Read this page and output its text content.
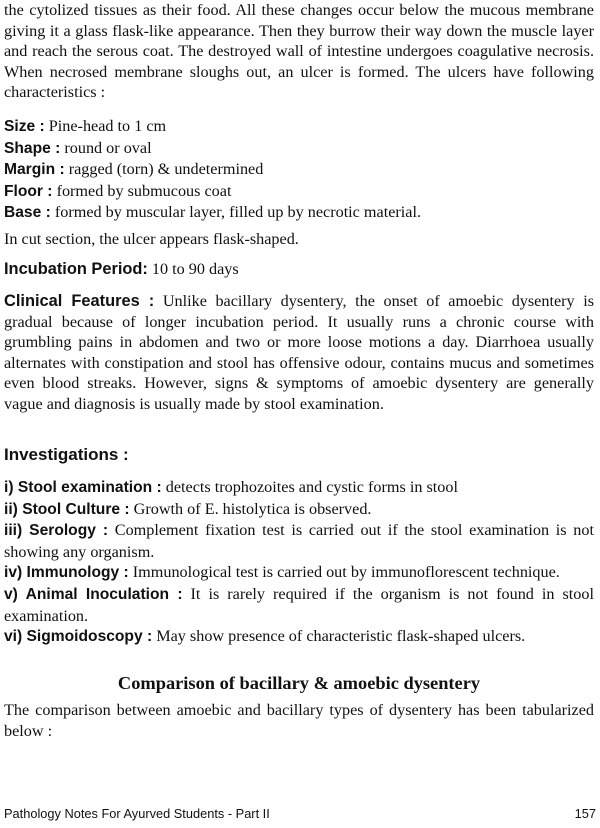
the cytolized tissues as their food. All these changes occur below the mucous membrane giving it a glass flask-like appearance. Then they burrow their way down the muscle layer and reach the serous coat. The destroyed wall of intestine undergoes coagulative necrosis. When necrosed membrane sloughs out, an ulcer is formed. The ulcers have following characteristics :

Size : Pine-head to 1 cm

Shape : round or oval

Margin : ragged (torn) & undetermined

Floor : formed by submucous coat

Base : formed by muscular layer, filled up by necrotic material.

In cut section, the ulcer appears flask-shaped.

Incubation Period: 10 to 90 days

Clinical Features : Unlike bacillary dysentery, the onset of amoebic dysentery is gradual because of longer incubation period. It usually runs a chronic course with grumbling pains in abdomen and two or more loose motions a day. Diarrhoea usually alternates with constipation and stool has offensive odour, contains mucus and sometimes even blood streaks. However, signs & symptoms of amoebic dysentery are generally vague and diagnosis is usually made by stool examination.

Investigations :

i) Stool examination : detects trophozoites and cystic forms in stool

ii) Stool Culture : Growth of E. histolytica is observed.

iii) Serology : Complement fixation test is carried out if the stool examination is not showing any organism.

iv) Immunology : Immunological test is carried out by immunoflorescent technique.

v) Animal Inoculation : It is rarely required if the organism is not found in stool examination.

vi) Sigmoidoscopy : May show presence of characteristic flask-shaped ulcers.

Comparison of bacillary & amoebic dysentery

The comparison between amoebic and bacillary types of dysentery has been tabularized below :

Pathology Notes For Ayurved Students - Part II	157
